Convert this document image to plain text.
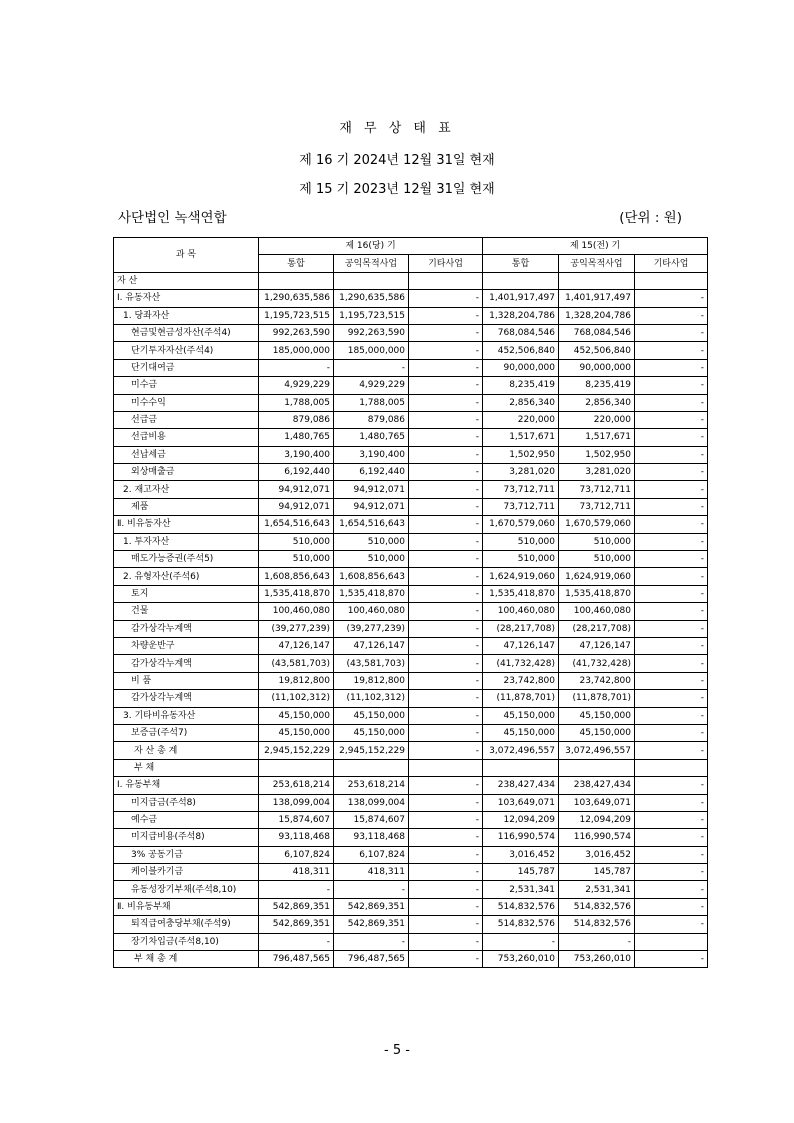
재 무 상 태 표
제 16 기 2024년 12월 31일 현재
제 15 기 2023년 12월 31일 현재
사단법인 녹색연합	(단위 : 원)
과 목	제 16(당) 기			제 15(전) 기		
	통합	공익목적사업	기타사업	통합	공익목적사업	기타사업
자 산						
Ⅰ. 유동자산	1,290,635,586	1,290,635,586	-	1,401,917,497	1,401,917,497	-
1. 당좌자산	1,195,723,515	1,195,723,515	-	1,328,204,786	1,328,204,786	-
현금및현금성자산(주석4)	992,263,590	992,263,590	-	768,084,546	768,084,546	-
단기투자자산(주석4)	185,000,000	185,000,000	-	452,506,840	452,506,840	-
단기대여금	-	-	-	90,000,000	90,000,000	-
미수금	4,929,229	4,929,229	-	8,235,419	8,235,419	-
미수수익	1,788,005	1,788,005	-	2,856,340	2,856,340	-
선급금	879,086	879,086	-	220,000	220,000	-
선급비용	1,480,765	1,480,765	-	1,517,671	1,517,671	-
선납세금	3,190,400	3,190,400	-	1,502,950	1,502,950	-
외상매출금	6,192,440	6,192,440	-	3,281,020	3,281,020	-
2. 재고자산	94,912,071	94,912,071	-	73,712,711	73,712,711	-
제품	94,912,071	94,912,071	-	73,712,711	73,712,711	-
Ⅱ. 비유동자산	1,654,516,643	1,654,516,643	-	1,670,579,060	1,670,579,060	-
1. 투자자산	510,000	510,000	-	510,000	510,000	-
매도가능증권(주석5)	510,000	510,000	-	510,000	510,000	-
2. 유형자산(주석6)	1,608,856,643	1,608,856,643	-	1,624,919,060	1,624,919,060	-
토지	1,535,418,870	1,535,418,870	-	1,535,418,870	1,535,418,870	-
건물	100,460,080	100,460,080	-	100,460,080	100,460,080	-
감가상각누계액	(39,277,239)	(39,277,239)	-	(28,217,708)	(28,217,708)	-
차량운반구	47,126,147	47,126,147	-	47,126,147	47,126,147	-
감가상각누계액	(43,581,703)	(43,581,703)	-	(41,732,428)	(41,732,428)	-
비 품	19,812,800	19,812,800	-	23,742,800	23,742,800	-
감가상각누계액	(11,102,312)	(11,102,312)	-	(11,878,701)	(11,878,701)	-
3. 기타비유동자산	45,150,000	45,150,000	-	45,150,000	45,150,000	-
보증금(주석7)	45,150,000	45,150,000	-	45,150,000	45,150,000	-
자 산 총 계	2,945,152,229	2,945,152,229	-	3,072,496,557	3,072,496,557	-
부 채						
Ⅰ. 유동부채	253,618,214	253,618,214	-	238,427,434	238,427,434	-
미지급금(주석8)	138,099,004	138,099,004	-	103,649,071	103,649,071	-
예수금	15,874,607	15,874,607	-	12,094,209	12,094,209	-
미지급비용(주석8)	93,118,468	93,118,468	-	116,990,574	116,990,574	-
3% 공동기금	6,107,824	6,107,824	-	3,016,452	3,016,452	-
케이블카기금	418,311	418,311	-	145,787	145,787	-
유동성장기부채(주석8,10)	-	-	-	2,531,341	2,531,341	-
Ⅱ. 비유동부채	542,869,351	542,869,351	-	514,832,576	514,832,576	-
퇴직급여충당부채(주석9)	542,869,351	542,869,351	-	514,832,576	514,832,576	-
장기차입금(주석8,10)	-	-	-	-	-	
부 채 총 계	796,487,565	796,487,565	-	753,260,010	753,260,010	-
- 5 -
